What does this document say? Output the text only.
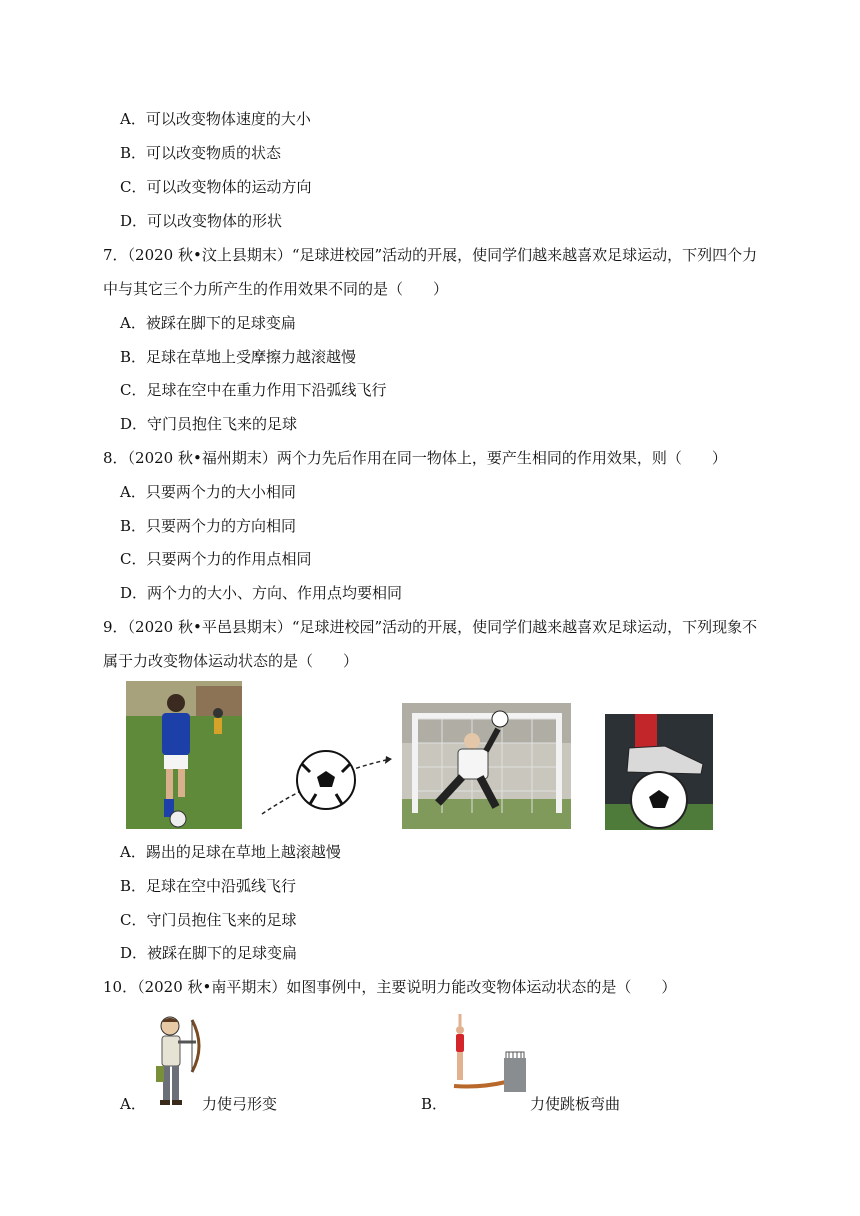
A．可以改变物体速度的大小
B．可以改变物质的状态
C．可以改变物体的运动方向
D．可以改变物体的形状
7．（2020 秋•汶上县期末）“足球进校园”活动的开展，使同学们越来越喜欢足球运动，下列四个力
中与其它三个力所产生的作用效果不同的是（　　）
A．被踩在脚下的足球变扁
B．足球在草地上受摩擦力越滚越慢
C．足球在空中在重力作用下沿弧线飞行
D．守门员抱住飞来的足球
8．（2020 秋•福州期末）两个力先后作用在同一物体上，要产生相同的作用效果，则（　　）
A．只要两个力的大小相同
B．只要两个力的方向相同
C．只要两个力的作用点相同
D．两个力的大小、方向、作用点均要相同
9．（2020 秋•平邑县期末）“足球进校园”活动的开展，使同学们越来越喜欢足球运动，下列现象不
属于力改变物体运动状态的是（　　）
A．踢出的足球在草地上越滚越慢
B．足球在空中沿弧线飞行
C．守门员抱住飞来的足球
D．被踩在脚下的足球变扁
10．（2020 秋•南平期末）如图事例中，主要说明力能改变物体运动状态的是（　　）
A．	力使弓形变	B．	力使跳板弯曲
